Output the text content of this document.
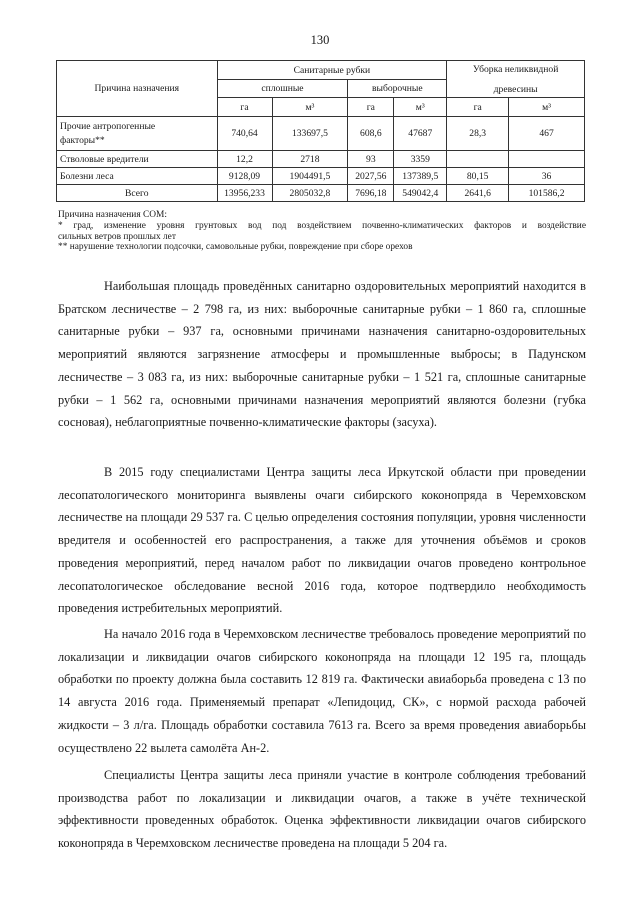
130
Причина назначения	Санитарные рубки				Уборка неликвидной
древесины	

	сплошные		выборочные			
	га	м³	га	м³	га	м³

Прочие антропогенные
факторы**	740,64	133697,5	608,6	47687	28,3	467
Стволовые вредители	12,2	2718	93	3359		
Болезни леса	9128,09	1904491,5	2027,56	137389,5	80,15	36
Всего	13956,233	2805032,8	7696,18	549042,4	2641,6	101586,2

Причина назначения СОМ:

* град, изменение уровня грунтовых вод под воздействием почвенно-климатических факторов и воздействие

сильных ветров прошлых лет

** нарушение технологии подсочки, самовольные рубки, повреждение при сборе орехов

Наибольшая площадь проведённых санитарно оздоровительных мероприятий находится в Братском лесничестве – 2 798 га, из них: выборочные санитарные рубки – 1 860 га, сплошные санитарные рубки – 937 га, основными причинами назначения санитарно-оздоровительных мероприятий являются загрязнение атмосферы и промышленные выбросы; в Падунском лесничестве – 3 083 га, из них: выборочные санитарные рубки – 1 521 га, сплошные санитарные рубки – 1 562 га, основными причинами назначения мероприятий являются болезни (губка сосновая), неблагоприятные почвенно-климатические факторы (засуха).

В 2015 году специалистами Центра защиты леса Иркутской области при проведении лесопатологического мониторинга выявлены очаги сибирского коконопряда в Черемховском лесничестве на площади 29 537 га. С целью определения состояния популяции, уровня численности вредителя и особенностей его распространения, а также для уточнения объёмов и сроков проведения мероприятий, перед началом работ по ликвидации очагов проведено контрольное лесопатологическое обследование весной 2016 года, которое подтвердило необходимость проведения истребительных мероприятий.

На начало 2016 года в Черемховском лесничестве требовалось проведение мероприятий по локализации и ликвидации очагов сибирского коконопряда на площади 12 195 га, площадь обработки по проекту должна была составить 12 819 га. Фактически авиаборьба проведена с 13 по 14 августа 2016 года. Применяемый препарат «Лепидоцид, СК», с нормой расхода рабочей жидкости – 3 л/га. Площадь обработки составила 7613 га. Всего за время проведения авиаборьбы осуществлено 22 вылета самолёта Ан-2.

Специалисты Центра защиты леса приняли участие в контроле соблюдения требований производства работ по локализации и ликвидации очагов, а также в учёте технической эффективности проведенных обработок. Оценка эффективности ликвидации очагов сибирского коконопряда в Черемховском лесничестве проведена на площади 5 204 га.
